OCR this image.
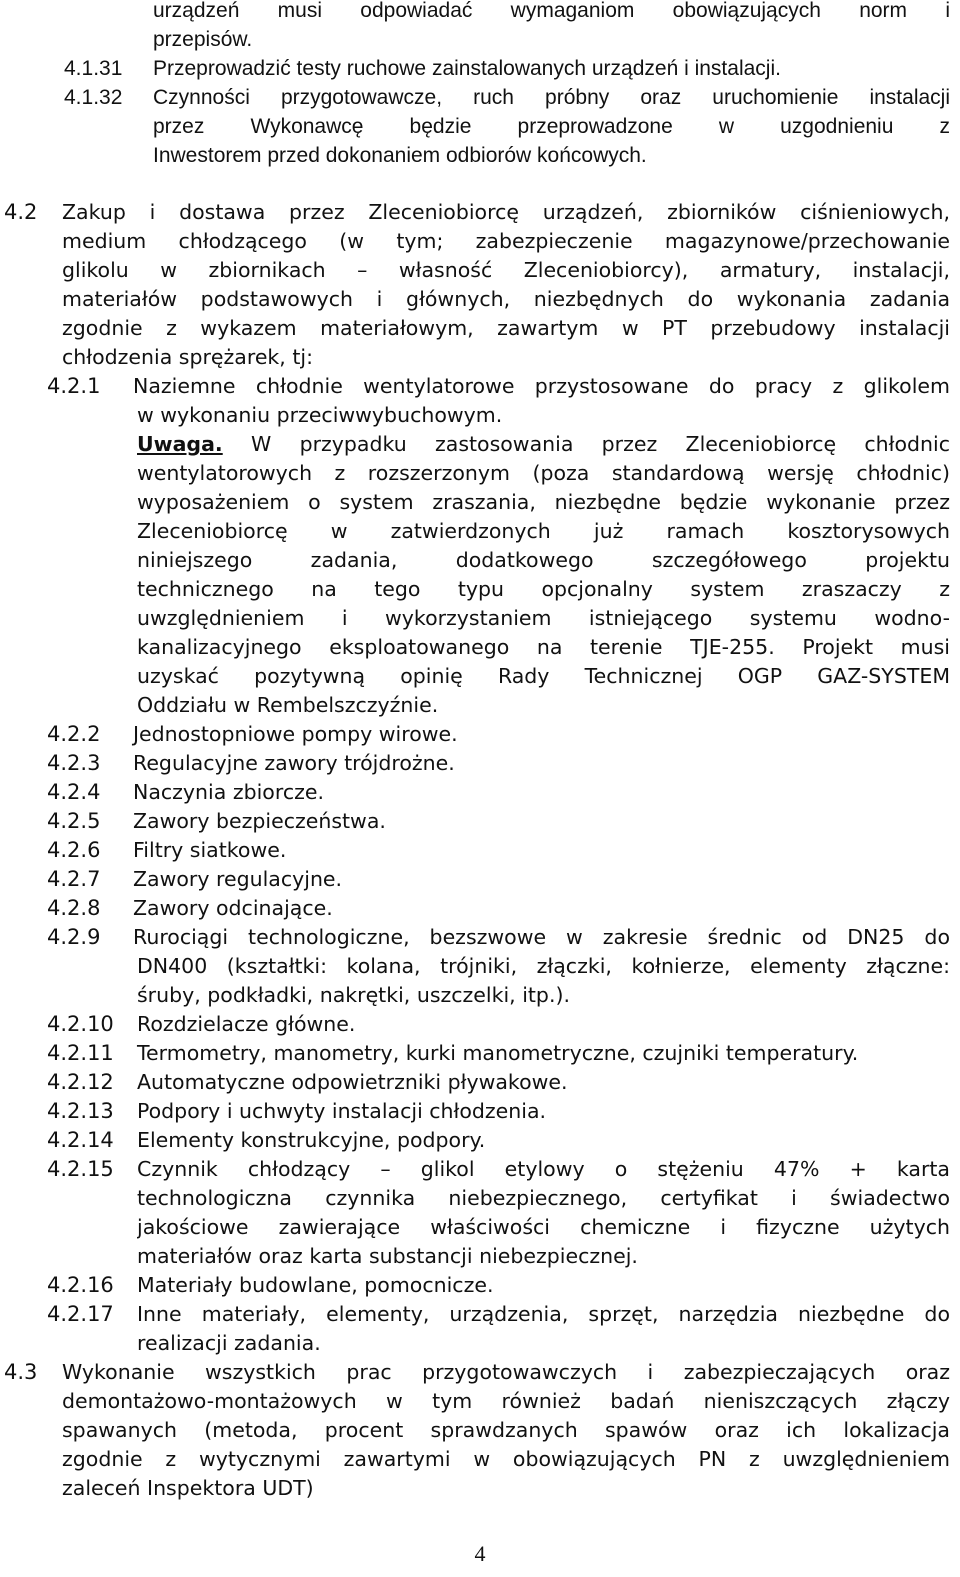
urządzeń musi odpowiadać wymaganiom obowiązujących norm i
przepisów.
4.1.31 Przeprowadzić testy ruchowe zainstalowanych urządzeń i instalacji.
4.1.32 Czynności przygotowawcze, ruch próbny oraz uruchomienie instalacji
przez Wykonawcę będzie przeprowadzone w uzgodnieniu z
Inwestorem przed dokonaniem odbiorów końcowych.
4.2 Zakup i dostawa przez Zleceniobiorcę urządzeń, zbiorników ciśnieniowych,
medium chłodzącego (w tym; zabezpieczenie magazynowe/przechowanie
glikolu w zbiornikach – własność Zleceniobiorcy), armatury, instalacji,
materiałów podstawowych i głównych, niezbędnych do wykonania zadania
zgodnie z wykazem materiałowym, zawartym w PT przebudowy instalacji
chłodzenia sprężarek, tj:
4.2.1 Naziemne chłodnie wentylatorowe przystosowane do pracy z glikolem
w wykonaniu przeciwwybuchowym.
Uwaga. W przypadku zastosowania przez Zleceniobiorcę chłodnic
wentylatorowych z rozszerzonym (poza standardową wersję chłodnic)
wyposażeniem o system zraszania, niezbędne będzie wykonanie przez
Zleceniobiorcę w zatwierdzonych już ramach kosztorysowych
niniejszego zadania, dodatkowego szczegółowego projektu
technicznego na tego typu opcjonalny system zraszaczy z
uwzględnieniem i wykorzystaniem istniejącego systemu wodno-
kanalizacyjnego eksploatowanego na terenie TJE-255. Projekt musi
uzyskać pozytywną opinię Rady Technicznej OGP GAZ-SYSTEM
Oddziału w Rembelszczyźnie.
4.2.2 Jednostopniowe pompy wirowe.
4.2.3 Regulacyjne zawory trójdrożne.
4.2.4 Naczynia zbiorcze.
4.2.5 Zawory bezpieczeństwa.
4.2.6 Filtry siatkowe.
4.2.7 Zawory regulacyjne.
4.2.8 Zawory odcinające.
4.2.9 Rurociągi technologiczne, bezszwowe w zakresie średnic od DN25 do
DN400 (kształtki: kolana, trójniki, złączki, kołnierze, elementy złączne:
śruby, podkładki, nakrętki, uszczelki, itp.).
4.2.10 Rozdzielacze główne.
4.2.11 Termometry, manometry, kurki manometryczne, czujniki temperatury.
4.2.12 Automatyczne odpowietrzniki pływakowe.
4.2.13 Podpory i uchwyty instalacji chłodzenia.
4.2.14 Elementy konstrukcyjne, podpory.
4.2.15 Czynnik chłodzący – glikol etylowy o stężeniu 47% + karta
technologiczna czynnika niebezpiecznego, certyfikat i świadectwo
jakościowe zawierające właściwości chemiczne i fizyczne użytych
materiałów oraz karta substancji niebezpiecznej.
4.2.16 Materiały budowlane, pomocnicze.
4.2.17 Inne materiały, elementy, urządzenia, sprzęt, narzędzia niezbędne do
realizacji zadania.
4.3 Wykonanie wszystkich prac przygotowawczych i zabezpieczających oraz
demontażowo-montażowych w tym również badań nieniszczących złączy
spawanych (metoda, procent sprawdzanych spawów oraz ich lokalizacja
zgodnie z wytycznymi zawartymi w obowiązujących PN z uwzględnieniem
zaleceń Inspektora UDT)
4
